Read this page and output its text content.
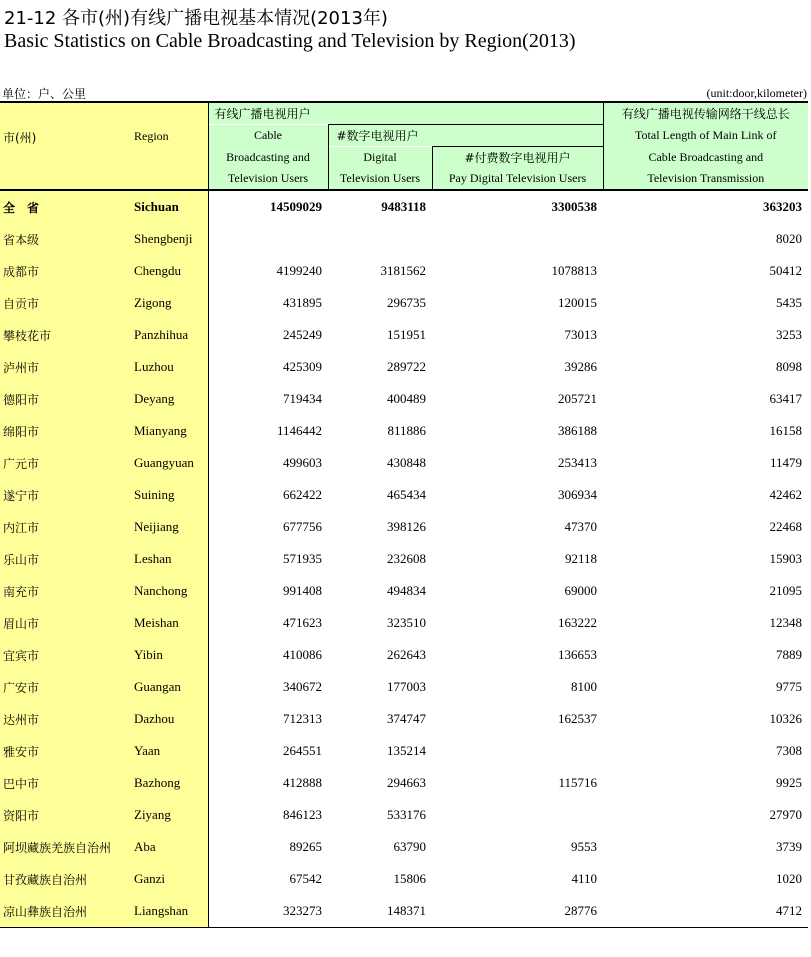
21-12 各市(州)有线广播电视基本情况(2013年)
Basic Statistics on Cable Broadcasting and Television by Region(2013)
单位：户、公里	(unit:door,kilometer)
市(州)	Region	有线广播电视用户			有线广播电视传输网络干线总长
		Cable	#数字电视用户		Total Length of Main Link of
		Broadcasting and	Digital	#付费数字电视用户	Cable Broadcasting and
		Television Users	Television Users	Pay Digital Television Users	Television Transmission
全　省	Sichuan	14509029	9483118	3300538	363203
省本级	Shengbenji				8020
成都市	Chengdu	4199240	3181562	1078813	50412
自贡市	Zigong	431895	296735	120015	5435
攀枝花市	Panzhihua	245249	151951	73013	3253
泸州市	Luzhou	425309	289722	39286	8098
德阳市	Deyang	719434	400489	205721	63417
绵阳市	Mianyang	1146442	811886	386188	16158
广元市	Guangyuan	499603	430848	253413	11479
遂宁市	Suining	662422	465434	306934	42462
内江市	Neijiang	677756	398126	47370	22468
乐山市	Leshan	571935	232608	92118	15903
南充市	Nanchong	991408	494834	69000	21095
眉山市	Meishan	471623	323510	163222	12348
宜宾市	Yibin	410086	262643	136653	7889
广安市	Guangan	340672	177003	8100	9775
达州市	Dazhou	712313	374747	162537	10326
雅安市	Yaan	264551	135214		7308
巴中市	Bazhong	412888	294663	115716	9925
资阳市	Ziyang	846123	533176		27970
阿坝藏族羌族自治州	Aba	89265	63790	9553	3739
甘孜藏族自治州	Ganzi	67542	15806	4110	1020
凉山彝族自治州	Liangshan	323273	148371	28776	4712
